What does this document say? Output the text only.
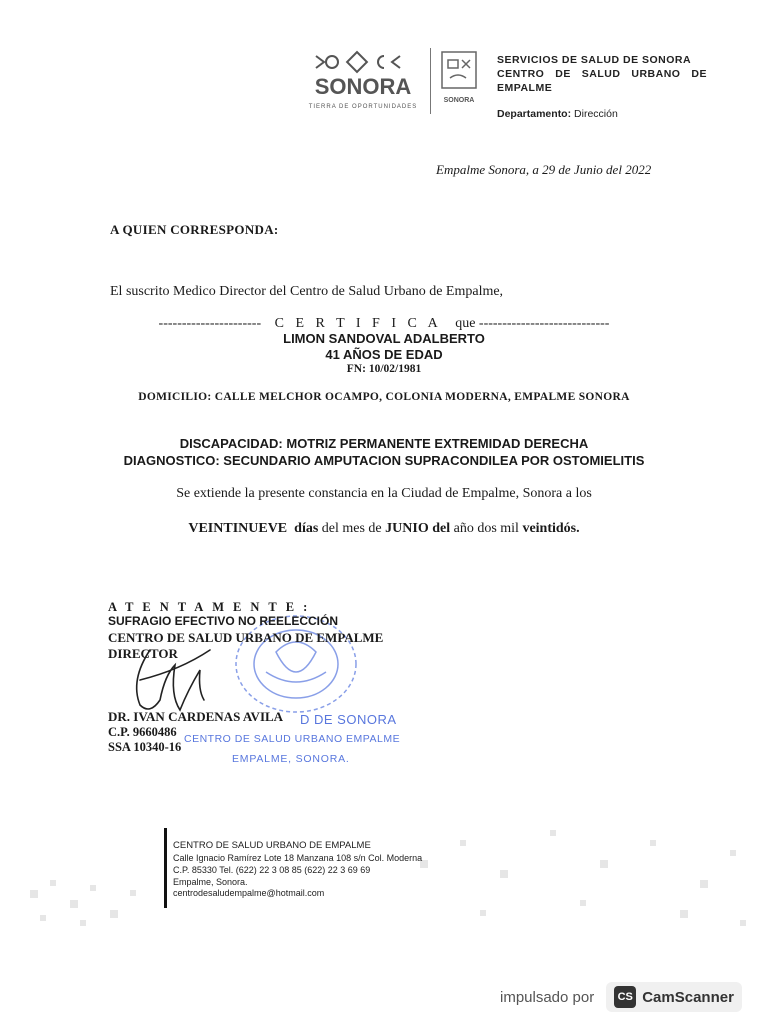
SONORA
TIERRA DE OPORTUNIDADES
SONORA
SERVICIOS DE SALUD DE SONORA
CENTRO DE SALUD URBANO DE
EMPALME
Departamento: Dirección
Empalme Sonora, a 29 de Junio del 2022
A QUIEN CORRESPONDA:
El suscrito Medico Director del Centro de Salud Urbano de Empalme,
---------------------- C E R T I F I C A que ----------------------------
LIMON SANDOVAL ADALBERTO
41 AÑOS DE EDAD
FN: 10/02/1981
DOMICILIO: CALLE MELCHOR OCAMPO, COLONIA MODERNA, EMPALME SONORA
DISCAPACIDAD: MOTRIZ PERMANENTE EXTREMIDAD DERECHA
DIAGNOSTICO: SECUNDARIO AMPUTACION SUPRACONDILEA POR OSTOMIELITIS
Se extiende la presente constancia en la Ciudad de Empalme, Sonora a los
VEINTINUEVE días del mes de JUNIO del año dos mil veintidós.
ATENTAMENTE:
SUFRAGIO EFECTIVO NO REELECCIÓN
CENTRO DE SALUD URBANO DE EMPALME
DIRECTOR
DR. IVAN CARDENAS AVILA
C.P. 9660486
SSA 10340-16
D DE SONORA
CENTRO DE SALUD URBANO EMPALME
EMPALME, SONORA.
CENTRO DE SALUD URBANO DE EMPALME
Calle Ignacio Ramírez Lote 18 Manzana 108 s/n Col. Moderna
C.P. 85330 Tel. (622) 22 3 08 85 (622) 22 3 69 69
Empalme, Sonora.
centrodesaludempalme@hotmail.com
impulsado por	CS CamScanner
